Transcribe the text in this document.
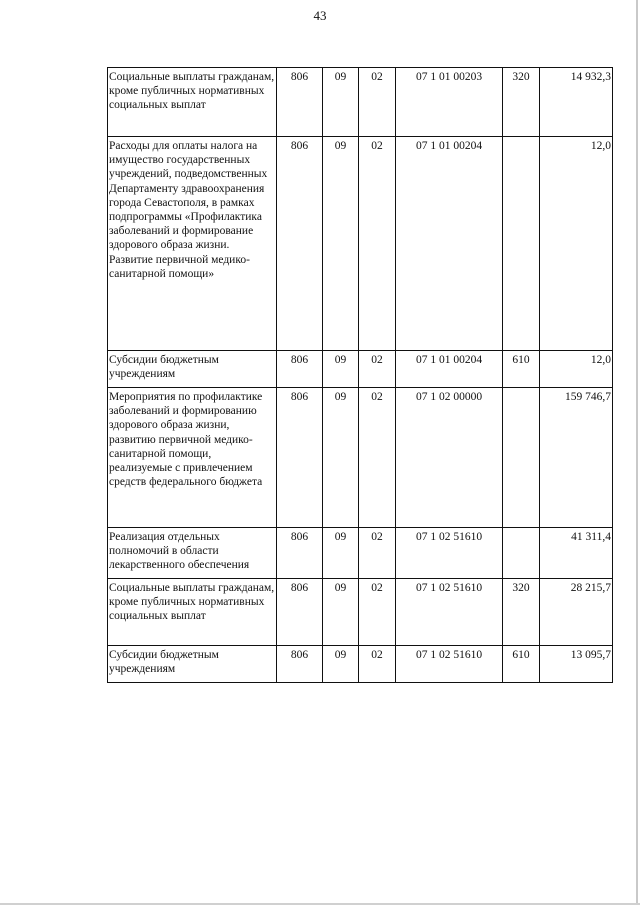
43
Социальные выплаты гражданам, кроме публичных нормативных социальных выплат	806	09	02	07 1 01 00203	320	14 932,3
Расходы для оплаты налога на имущество государственных учреждений, подведомственных Департаменту здравоохранения города Севастополя, в рамках подпрограммы «Профилактика заболеваний и формирование здорового образа жизни. Развитие первичной медико-санитарной помощи»	806	09	02	07 1 01 00204		12,0
Субсидии бюджетным учреждениям	806	09	02	07 1 01 00204	610	12,0
Мероприятия по профилактике заболеваний и формированию здорового образа жизни, развитию первичной медико-санитарной помощи, реализуемые с привлечением средств федерального бюджета	806	09	02	07 1 02 00000		159 746,7
Реализация отдельных полномочий в области лекарственного обеспечения	806	09	02	07 1 02 51610		41 311,4
Социальные выплаты гражданам, кроме публичных нормативных социальных выплат	806	09	02	07 1 02 51610	320	28 215,7
Субсидии бюджетным учреждениям	806	09	02	07 1 02 51610	610	13 095,7
